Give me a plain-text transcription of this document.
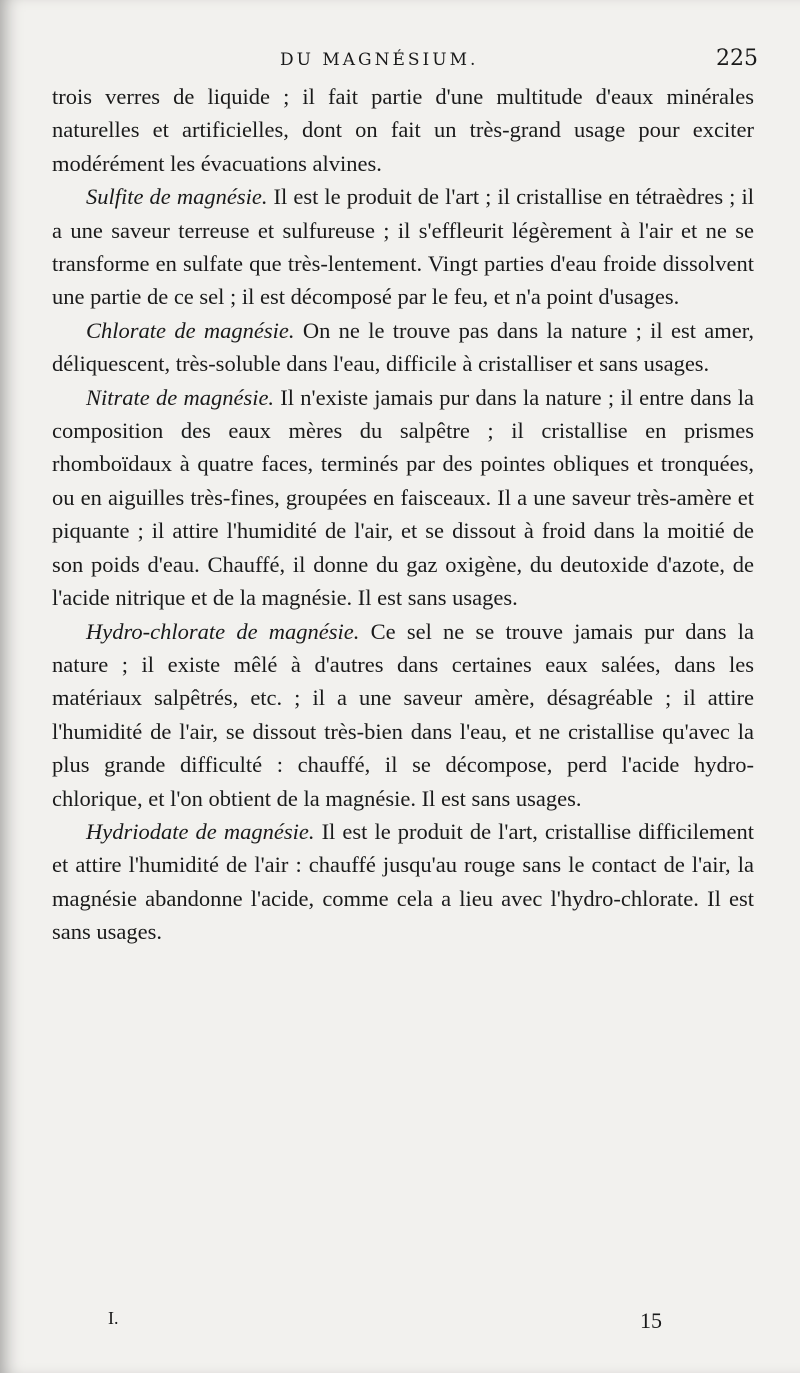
DU MAGNÉSIUM.	225

trois verres de liquide ; il fait partie d'une multitude d'eaux minérales naturelles et artificielles, dont on fait un très-grand usage pour exciter modérément les évacuations alvines.

Sulfite de magnésie. Il est le produit de l'art ; il cristallise en tétraèdres ; il a une saveur terreuse et sulfureuse ; il s'effleurit légèrement à l'air et ne se transforme en sulfate que très-lentement. Vingt parties d'eau froide dissolvent une partie de ce sel ; il est décomposé par le feu, et n'a point d'usages.

Chlorate de magnésie. On ne le trouve pas dans la nature ; il est amer, déliquescent, très-soluble dans l'eau, difficile à cristalliser et sans usages.

Nitrate de magnésie. Il n'existe jamais pur dans la nature ; il entre dans la composition des eaux mères du salpêtre ; il cristallise en prismes rhomboïdaux à quatre faces, terminés par des pointes obliques et tronquées, ou en aiguilles très-fines, groupées en faisceaux. Il a une saveur très-amère et piquante ; il attire l'humidité de l'air, et se dissout à froid dans la moitié de son poids d'eau. Chauffé, il donne du gaz oxigène, du deutoxide d'azote, de l'acide nitrique et de la magnésie. Il est sans usages.

Hydro-chlorate de magnésie. Ce sel ne se trouve jamais pur dans la nature ; il existe mêlé à d'autres dans certaines eaux salées, dans les matériaux salpêtrés, etc. ; il a une saveur amère, désagréable ; il attire l'humidité de l'air, se dissout très-bien dans l'eau, et ne cristallise qu'avec la plus grande difficulté : chauffé, il se décompose, perd l'acide hydro-chlorique, et l'on obtient de la magnésie. Il est sans usages.

Hydriodate de magnésie. Il est le produit de l'art, cristallise difficilement et attire l'humidité de l'air : chauffé jusqu'au rouge sans le contact de l'air, la magnésie abandonne l'acide, comme cela a lieu avec l'hydro-chlorate. Il est sans usages.

I.	15
